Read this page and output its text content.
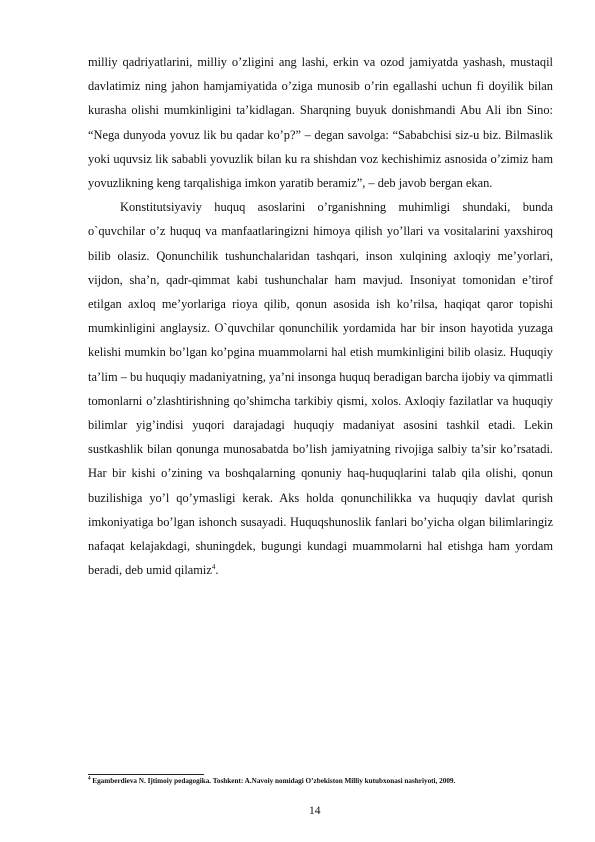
milliy qadriyatlarini, milliy o’zligini ang lashi, erkin va ozod jamiyatda yashash, mustaqil davlatimiz ning jahon hamjamiyatida o’ziga munosib o’rin egallashi uchun fi doyilik bilan kurasha olishi mumkinligini ta’kidlagan. Sharqning buyuk donishmandi Abu Ali ibn Sino: “Nega dunyoda yovuz lik bu qadar ko’p?” – degan savolga: “Sababchisi siz-u biz. Bilmaslik yoki uquvsiz lik sababli yovuzlik bilan ku ra shishdan voz kechishimiz asnosida o’zimiz ham yovuzlikning keng tarqalishiga imkon yaratib beramiz”, – deb javob bergan ekan.

Konstitutsiyaviy huquq asoslarini o’rganishning muhimligi shundaki, bunda o`quvchilar o’z huquq va manfaatlaringizni himoya qilish yo’llari va vositalarini yaxshiroq bilib olasiz. Qonunchilik tushunchalaridan tashqari, inson xulqining axloqiy me’yorlari, vijdon, sha’n, qadr-qimmat kabi tushunchalar ham mavjud. Insoniyat tomonidan e’tirof etilgan axloq me’yorlariga rioya qilib, qonun asosida ish ko’rilsa, haqiqat qaror topishi mumkinligini anglaysiz. O`quvchilar qonunchilik yordamida har bir inson hayotida yuzaga kelishi mumkin bo’lgan ko’pgina muammolarni hal etish mumkinligini bilib olasiz. Huquqiy ta’lim – bu huquqiy madaniyatning, ya’ni insonga huquq beradigan barcha ijobiy va qimmatli tomonlarni o’zlashtirishning qo’shimcha tarkibiy qismi, xolos. Axloqiy fazilatlar va huquqiy bilimlar yig’indisi yuqori darajadagi huquqiy madaniyat asosini tashkil etadi. Lekin sustkashlik bilan qonunga munosabatda bo’lish jamiyatning rivojiga salbiy ta’sir ko’rsatadi. Har bir kishi o’zining va boshqalarning qonuniy haq-huquqlarini talab qila olishi, qonun buzilishiga yo’l qo’ymasligi kerak. Aks holda qonunchilikka va huquqiy davlat qurish imkoniyatiga bo’lgan ishonch susayadi. Huquqshunoslik fanlari bo’yicha olgan bilimlaringiz nafaqat kelajakdagi, shuningdek, bugungi kundagi muammolarni hal etishga ham yordam beradi, deb umid qilamiz$^4$.

$^4$ Egamberdieva N. Ijtimoiy pedagogika. Toshkent: A.Navoiy nomidagi O’zbekiston Milliy kutubxonasi nashriyoti, 2009.
14
